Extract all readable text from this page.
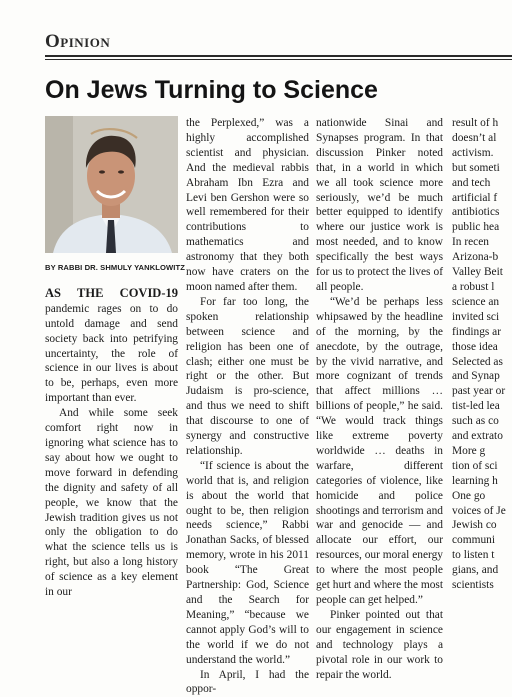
Opinion
On Jews Turning to Science
BY RABBI DR. SHMULY YANKLOWITZ

AS THE COVID-19 pandemic rages on to do untold damage and send society back into petrifying uncertainty, the role of science in our lives is about to be, perhaps, even more important than ever.

And while some seek comfort right now in ignoring what science has to say about how we ought to move forward in defending the dignity and safety of all people, we know that the Jewish tradition gives us not only the obligation to do what the science tells us is right, but also a long history of science as a key element in our

the Perplexed,” was a highly accomplished scientist and physician. And the medieval rabbis Abraham Ibn Ezra and Levi ben Gershon were so well remembered for their contributions to mathematics and astronomy that they both now have craters on the moon named after them.

For far too long, the spoken relationship between science and religion has been one of clash; either one must be right or the other. But Judaism is pro-science, and thus we need to shift that discourse to one of synergy and constructive relationship.

“If science is about the world that is, and religion is about the world that ought to be, then religion needs science,” Rabbi Jonathan Sacks, of blessed memory, wrote in his 2011 book “The Great Partnership: God, Science and the Search for Meaning,” “because we cannot apply God’s will to the world if we do not understand the world.”

In April, I had the oppor-

nationwide Sinai and Synapses program. In that discussion Pinker noted that, in a world in which we all took science more seriously, we’d be much better equipped to identify where our justice work is most needed, and to know specifically the best ways for us to protect the lives of all people.

“We’d be perhaps less whipsawed by the headline of the morning, by the anecdote, by the outrage, by the vivid narrative, and more cognizant of trends that affect millions … billions of people,” he said. “We would track things like extreme poverty worldwide … deaths in warfare, different categories of violence, like homicide and police shootings and terrorism and war and genocide — and allocate our effort, our resources, our moral energy to where the most people get hurt and where the most people can get helped.”

Pinker pointed out that our engagement in science and technology plays a pivotal role in our work to repair the world.

result of h

doesn’t al

activism.

but someti

and tech

artificial f

antibiotics

public hea

In recen

Arizona-b

Valley Beit

a robust l

science an

invited sci

findings ar

those idea

Selected as

and Synap

past year or

tist-led lea

such as co

and extrato

More g

tion of sci

learning h

One go

voices of Je

Jewish co

communi

to listen t

gians, and

scientists
